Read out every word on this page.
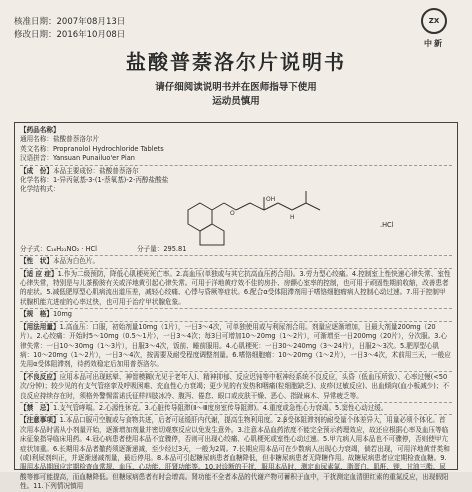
核准日期：2007年08月13日
修改日期：2016年10月08日
ZX
中新
盐酸普萘洛尔片说明书
请仔细阅读说明书并在医师指导下使用
运动员慎用
【药品名称】
通用名称：盐酸普萘洛尔片
英文名称：Propranolol Hydrochloride Tablets
汉语拼音：Yansuan Punailuo'er Pian
【成　份】本品主要成份：盐酸普萘洛尔
化学名称：1-异丙氨基-3-(1-萘氧基)-2-丙醇盐酸盐
化学结构式：
O
OH
H
.HCl
分子式：C₁₆H₂₁NO₂ · HCl	分子量：295.81
【性　状】本品为白色片。
【适 应 症】1.作为二级预防，降低心肌梗死死亡率。2.高血压(单独或与其它抗高血压药合用)。3.劳力型心绞痛。4.控制室上性快速心律失常、室性心律失常，特别是与儿茶酚胺有关或洋地黄引起心律失常。可用于洋地黄疗效不佳的房扑、房颤心室率的控制，也可用于顽固性期前收缩，改善患者的症状。5.减低肥厚型心肌病流出道压差，减轻心绞痛、心悸与昏厥等症状。6.配合α受体阻滞剂用于嗜铬细胞瘤病人控制心动过速。7.用于控制甲状腺机能亢进症的心率过快，也可用于治疗甲状腺危象。
【规　格】10mg
【用法用量】1.高血压：口服，初始剂量10mg（1片），一日3～4次，可单独使用或与利尿剂合用。剂量应逐渐增加，日最大剂量200mg（20片）。2.心绞痛：开始时5～10mg（0.5～1片），一日3～4次；每3日可增加10～20mg（1～2片），可渐增至一日200mg（20片），分次服。3.心律失常：一日10～30mg（1～3片），日服3～4次，饭前、睡前服用。4.心肌梗死：一日30～240mg（3～24片），日服2～3次。5.肥厚型心肌病：10～20mg（1～2片），一日3～4次，按需要及耐受程度调整剂量。6.嗜铬细胞瘤：10～20mg（1～2片），一日3～4次，术前用三天，一般应先用α受体阻滞剂，待药效稳定后加用普萘洛尔。
【不良反应】应用本品可出现眩晕、神智模糊(尤见于老年人)、精神抑郁、反应迟钝等中枢神经系统不良反应，头昏（低血压所致）、心率过慢(<50次/分钟)；较少见的有支气管痉挛及呼吸困难、充血性心力衰竭；更少见的有发热和咽痛(粒细胞缺乏)、皮疹(过敏反应)、出血倾向(血小板减少)；不良反应持续存在时，须格外警惕雷诺氏征样四肢冰冷、腹泻、倦怠、眼口或皮肤干燥、恶心、指趾麻木、异常疲乏等。
【禁　忌】1.支气管哮喘。2.心源性休克。3.心脏传导阻滞(Ⅱ～Ⅲ度房室传导阻滞)。4.重度或急性心力衰竭。5.窦性心动过缓。
【注意事项】1.本品口服可空腹或与食物共进，后者可延缓肝内代谢，提高生物利用度。2.β受体阻滞剂的耐受量个体差异大，用量必须个体化。首次用本品时需从小剂量开始，逐渐增加剂量并密切观察反应以免发生意外。3.注意本品血药浓度不能完全预示药理效应，故还应根据心率及血压等临床征象指导临床用药。4.冠心病患者使用本品不宜骤停，否则可出现心绞痛、心肌梗死或室性心动过速。5.甲亢病人用本品也不可骤停，否则使甲亢症状加重。6.长期用本品者撤药须逐渐递减，至少经过3天，一般为2周。7.长期应用本品可在少数病人出现心力衰竭，倘若出现，可用洋地黄苷类和(或)利尿剂纠正，并逐渐递减剂量，最后停用。8.本品可引起糖尿病患者血糖降低，但非糖尿病患者无降糖作用。故糖尿病患者应定期检查血糖。9.服用本品期间应定期检查血常规、血压、心功能、肝肾功能等。10.对诊断的干扰，服用本品时，测定血尿素氮、脂蛋白、肌酐、钾、甘油三酯、尿酸等都可能提高，而血糖降低。但糖尿病患者有时会增高。肾功能不全者本品的代谢产物可蓄积于血中，干扰测定血清胆红素的重氮反应，出现假阳性。11.下列情况慎用
